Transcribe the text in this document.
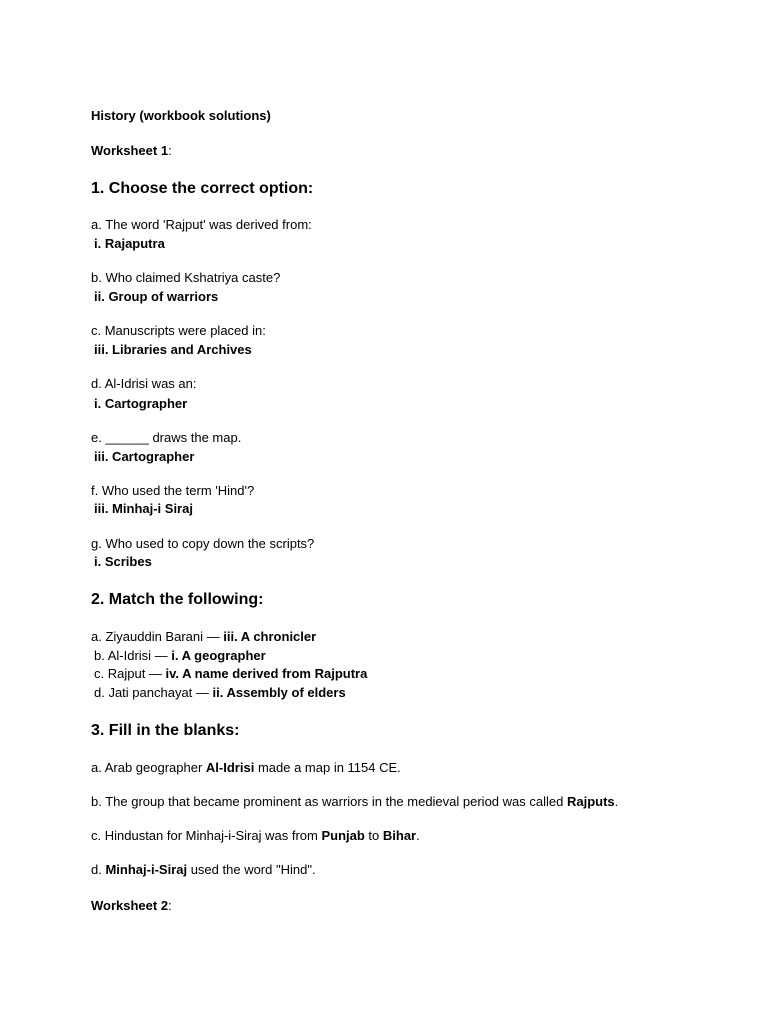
History (workbook solutions)
Worksheet 1:
1. Choose the correct option:
a. The word 'Rajput' was derived from:
i. Rajaputra
b. Who claimed Kshatriya caste?
ii. Group of warriors
c. Manuscripts were placed in:
iii. Libraries and Archives
d. Al-Idrisi was an:
i. Cartographer
e. ______ draws the map.
iii. Cartographer
f. Who used the term 'Hind'?
iii. Minhaj-i Siraj
g. Who used to copy down the scripts?
i. Scribes
2. Match the following:
a. Ziyauddin Barani — iii. A chronicler
b. Al-Idrisi — i. A geographer
c. Rajput — iv. A name derived from Rajputra
d. Jati panchayat — ii. Assembly of elders
3. Fill in the blanks:
a. Arab geographer Al-Idrisi made a map in 1154 CE.
b. The group that became prominent as warriors in the medieval period was called Rajputs.
c. Hindustan for Minhaj-i-Siraj was from Punjab to Bihar.
d. Minhaj-i-Siraj used the word "Hind".
Worksheet 2:
